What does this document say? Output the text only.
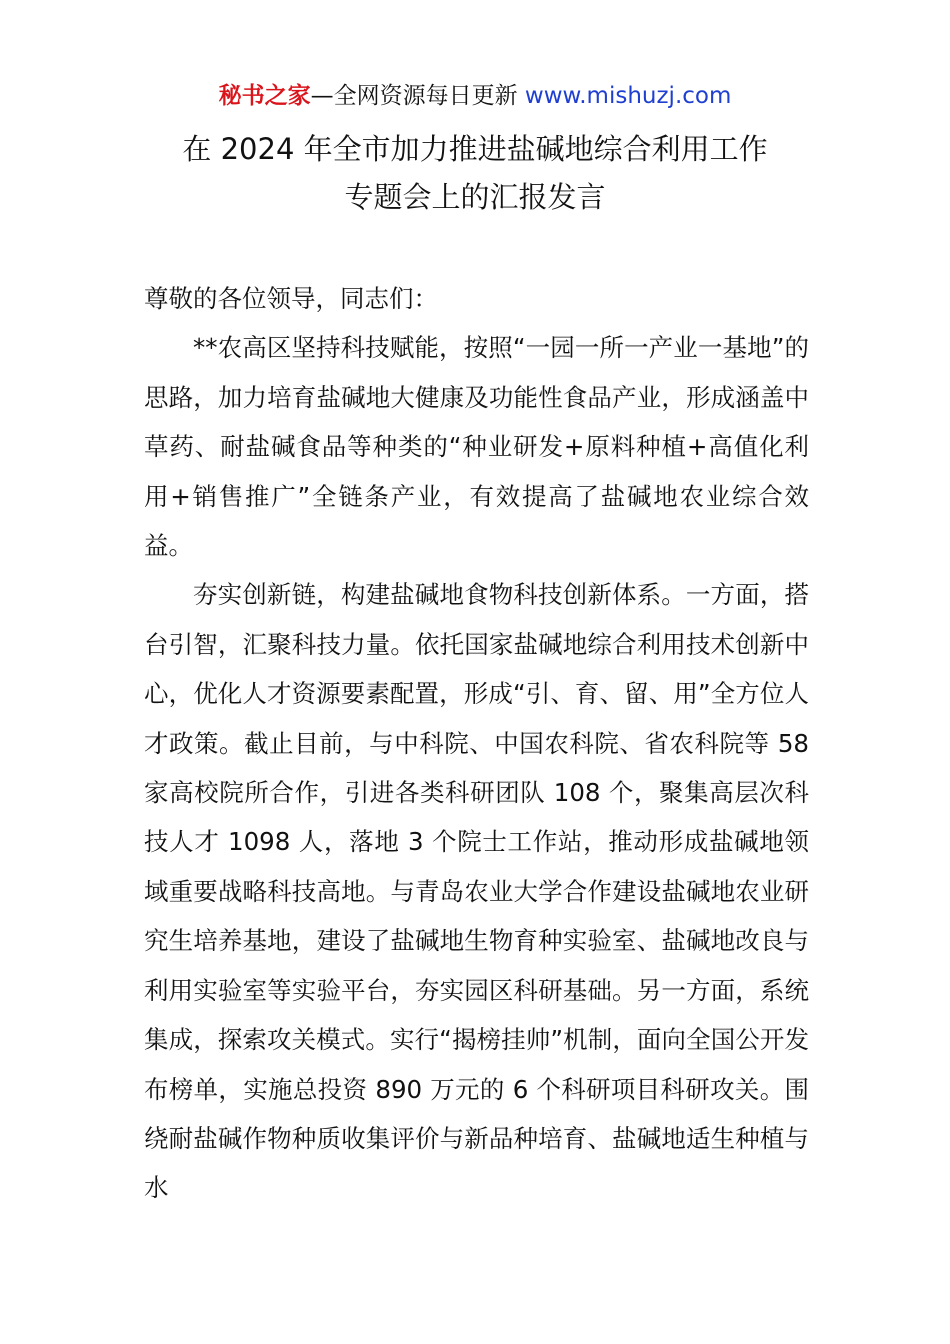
秘书之家—全网资源每日更新 www.mishuzj.com
在 2024 年全市加力推进盐碱地综合利用工作
专题会上的汇报发言

尊敬的各位领导，同志们：

**农高区坚持科技赋能，按照“一园一所一产业一基地”的思路，加力培育盐碱地大健康及功能性食品产业，形成涵盖中草药、耐盐碱食品等种类的“种业研发+原料种植+高值化利用+销售推广”全链条产业，有效提高了盐碱地农业综合效益。

夯实创新链，构建盐碱地食物科技创新体系。一方面，搭台引智，汇聚科技力量。依托国家盐碱地综合利用技术创新中心，优化人才资源要素配置，形成“引、育、留、用”全方位人才政策。截止目前，与中科院、中国农科院、省农科院等 58 家高校院所合作，引进各类科研团队 108 个，聚集高层次科技人才 1098 人，落地 3 个院士工作站，推动形成盐碱地领域重要战略科技高地。与青岛农业大学合作建设盐碱地农业研究生培养基地，建设了盐碱地生物育种实验室、盐碱地改良与利用实验室等实验平台，夯实园区科研基础。另一方面，系统集成，探索攻关模式。实行“揭榜挂帅”机制，面向全国公开发布榜单，实施总投资 890 万元的 6 个科研项目科研攻关。围绕耐盐碱作物种质收集评价与新品种培育、盐碱地适生种植与水
